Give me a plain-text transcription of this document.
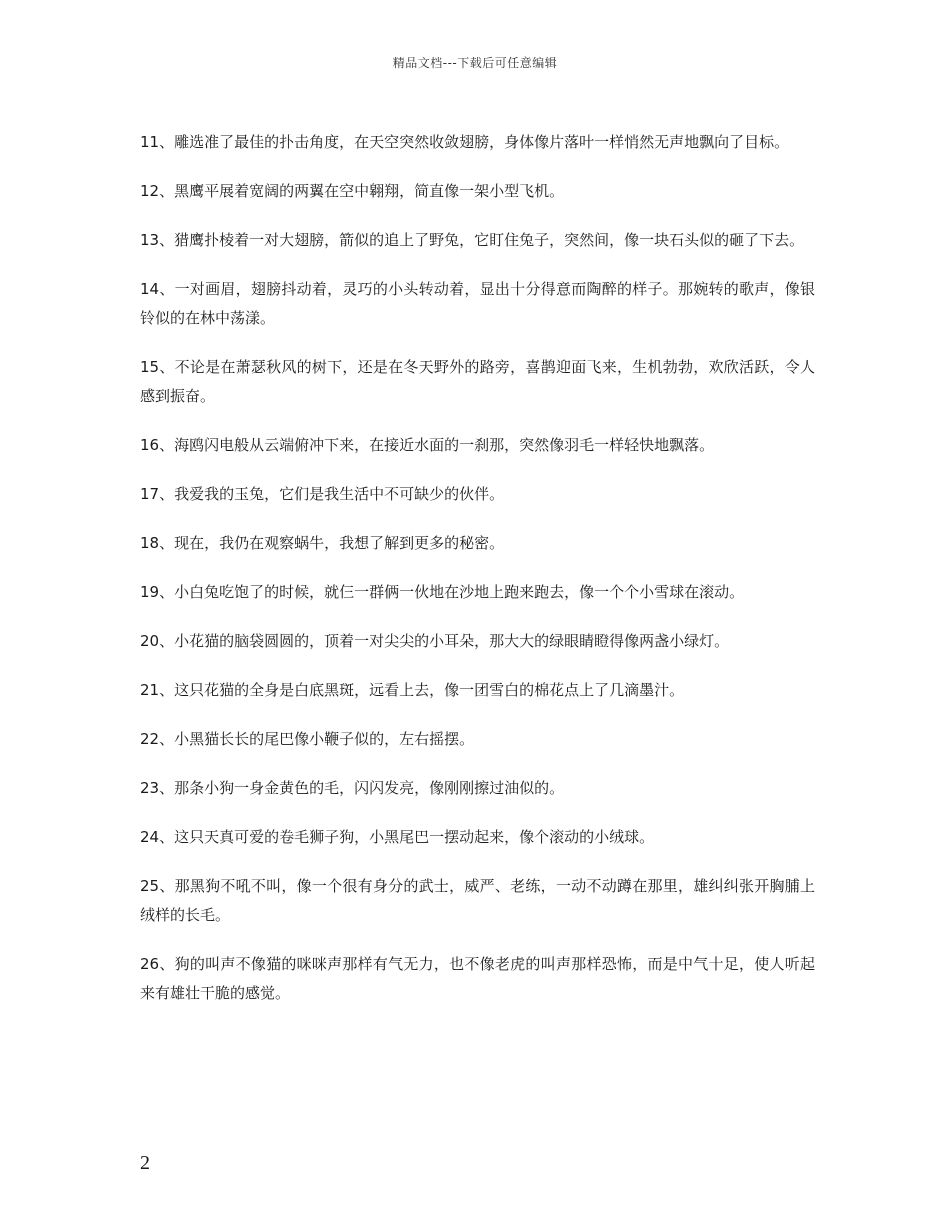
精品文档---下载后可任意编辑

11、雕选准了最佳的扑击角度，在天空突然收敛翅膀，身体像片落叶一样悄然无声地飘向了目标。

12、黑鹰平展着宽阔的两翼在空中翱翔，简直像一架小型飞机。

13、猎鹰扑棱着一对大翅膀，箭似的追上了野兔，它盯住兔子，突然间，像一块石头似的砸了下去。

14、一对画眉，翅膀抖动着，灵巧的小头转动着，显出十分得意而陶醉的样子。那婉转的歌声，像银铃似的在林中荡漾。

15、不论是在萧瑟秋风的树下，还是在冬天野外的路旁，喜鹊迎面飞来，生机勃勃，欢欣活跃，令人感到振奋。

16、海鸥闪电般从云端俯冲下来，在接近水面的一刹那，突然像羽毛一样轻快地飘落。

17、我爱我的玉兔，它们是我生活中不可缺少的伙伴。

18、现在，我仍在观察蜗牛，我想了解到更多的秘密。

19、小白兔吃饱了的时候，就仨一群俩一伙地在沙地上跑来跑去，像一个个小雪球在滚动。

20、小花猫的脑袋圆圆的，顶着一对尖尖的小耳朵，那大大的绿眼睛瞪得像两盏小绿灯。

21、这只花猫的全身是白底黑斑，远看上去，像一团雪白的棉花点上了几滴墨汁。

22、小黑猫长长的尾巴像小鞭子似的，左右摇摆。

23、那条小狗一身金黄色的毛，闪闪发亮，像刚刚擦过油似的。

24、这只天真可爱的卷毛狮子狗，小黑尾巴一摆动起来，像个滚动的小绒球。

25、那黑狗不吼不叫，像一个很有身分的武士，威严、老练，一动不动蹲在那里，雄纠纠张开胸脯上绒样的长毛。

26、狗的叫声不像猫的咪咪声那样有气无力，也不像老虎的叫声那样恐怖，而是中气十足，使人听起来有雄壮干脆的感觉。

2
